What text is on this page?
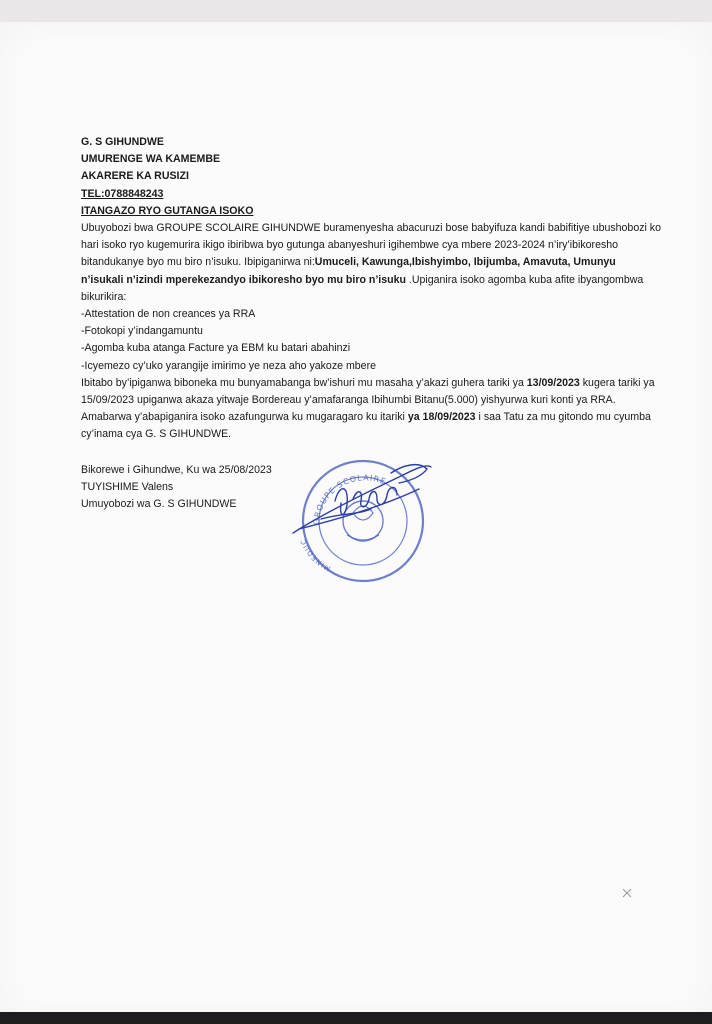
G. S GIHUNDWE
UMURENGE WA KAMEMBE
AKARERE KA RUSIZI
TEL:0788848243
ITANGAZO RYO GUTANGA ISOKO

Ubuyobozi bwa GROUPE SCOLAIRE GIHUNDWE buramenyesha abacuruzi bose babyifuza kandi babifitiye ubushobozi ko hari isoko ryo kugemurira ikigo ibiribwa byo gutunga abanyeshuri igihembwe cya mbere 2023-2024 n’iry’ibikoresho bitandukanye byo mu biro n’isuku. Ibipiganirwa ni:Umuceli, Kawunga,Ibishyimbo, Ibijumba, Amavuta, Umunyu n’isukali n’izindi mperekezandyo ibikoresho byo mu biro n’isuku .Upiganira isoko agomba kuba afite ibyangombwa bikurikira:

-Attestation de non creances ya RRA
-Fotokopi y’indangamuntu
-Agomba kuba atanga Facture ya EBM ku batari abahinzi
-Icyemezo cy’uko yarangije imirimo ye neza aho yakoze mbere

Ibitabo by’ipiganwa biboneka mu bunyamabanga bw’ishuri mu masaha y’akazi guhera tariki ya 13/09/2023 kugera tariki ya 15/09/2023 upiganwa akaza yitwaje Bordereau y’amafaranga Ibihumbi Bitanu(5.000) yishyurwa kuri konti ya RRA. Amabarwa y’abapiganira isoko azafungurwa ku mugaragaro ku itariki ya 18/09/2023 i saa Tatu za mu gitondo mu cyumba cy’inama cya G. S GIHUNDWE.

Bikorewe i Gihundwe, Ku wa 25/08/2023
TUYISHIME Valens
Umuyobozi wa G. S GIHUNDWE
GROUPE SCOLAIRE
MINEDUC
